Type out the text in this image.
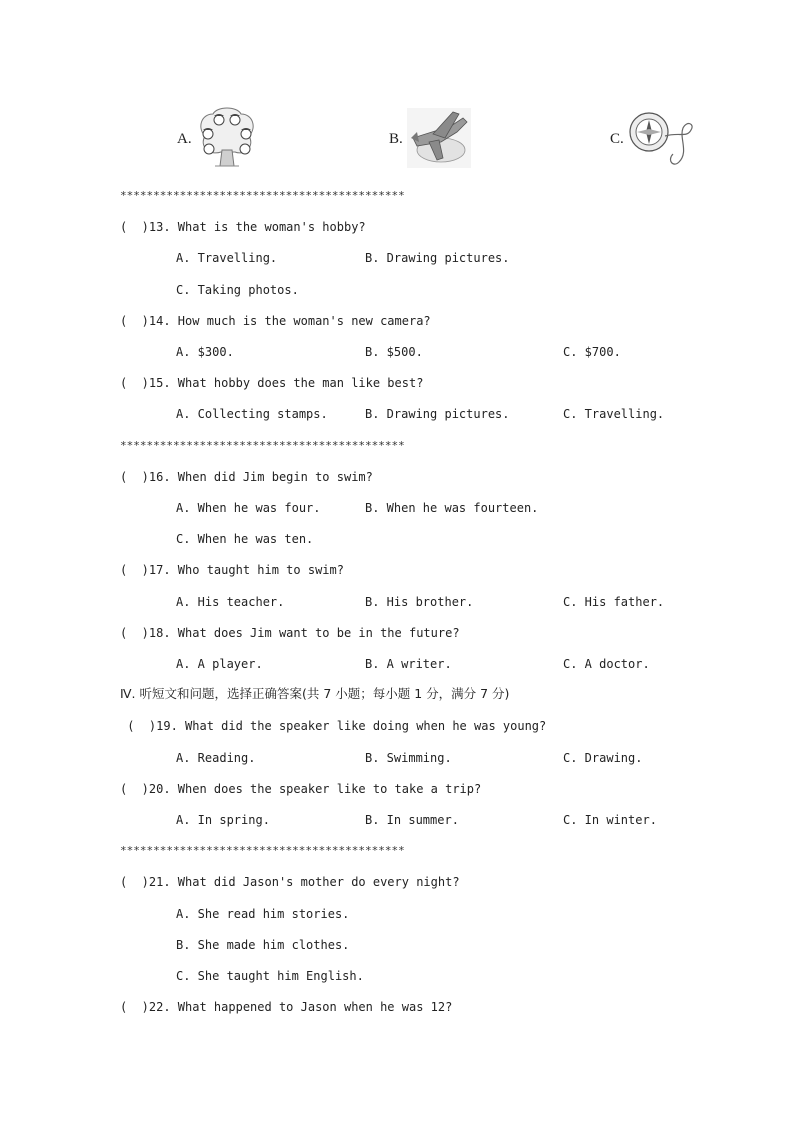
A.	B.	C.
*******************************************
(  )13. What is the woman's hobby?
A. Travelling.	B. Drawing pictures.
C. Taking photos.
(  )14. How much is the woman's new camera?
A. $300.	B. $500.	C. $700.
(  )15. What hobby does the man like best?
A. Collecting stamps.	B. Drawing pictures.	C. Travelling.
*******************************************
(  )16. When did Jim begin to swim?
A. When he was four.	B. When he was fourteen.
C. When he was ten.
(  )17. Who taught him to swim?
A. His teacher.	B. His brother.	C. His father.
(  )18. What does Jim want to be in the future?
A. A player.	B. A writer.	C. A doctor.
Ⅳ. 听短文和问题，选择正确答案(共 7 小题；每小题 1 分，满分 7 分)
(  )19. What did the speaker like doing when he was young?
A. Reading.	B. Swimming.	C. Drawing.
(  )20. When does the speaker like to take a trip?
A. In spring.	B. In summer.	C. In winter.
*******************************************
(  )21. What did Jason's mother do every night?
A. She read him stories.
B. She made him clothes.
C. She taught him English.
(  )22. What happened to Jason when he was 12?
